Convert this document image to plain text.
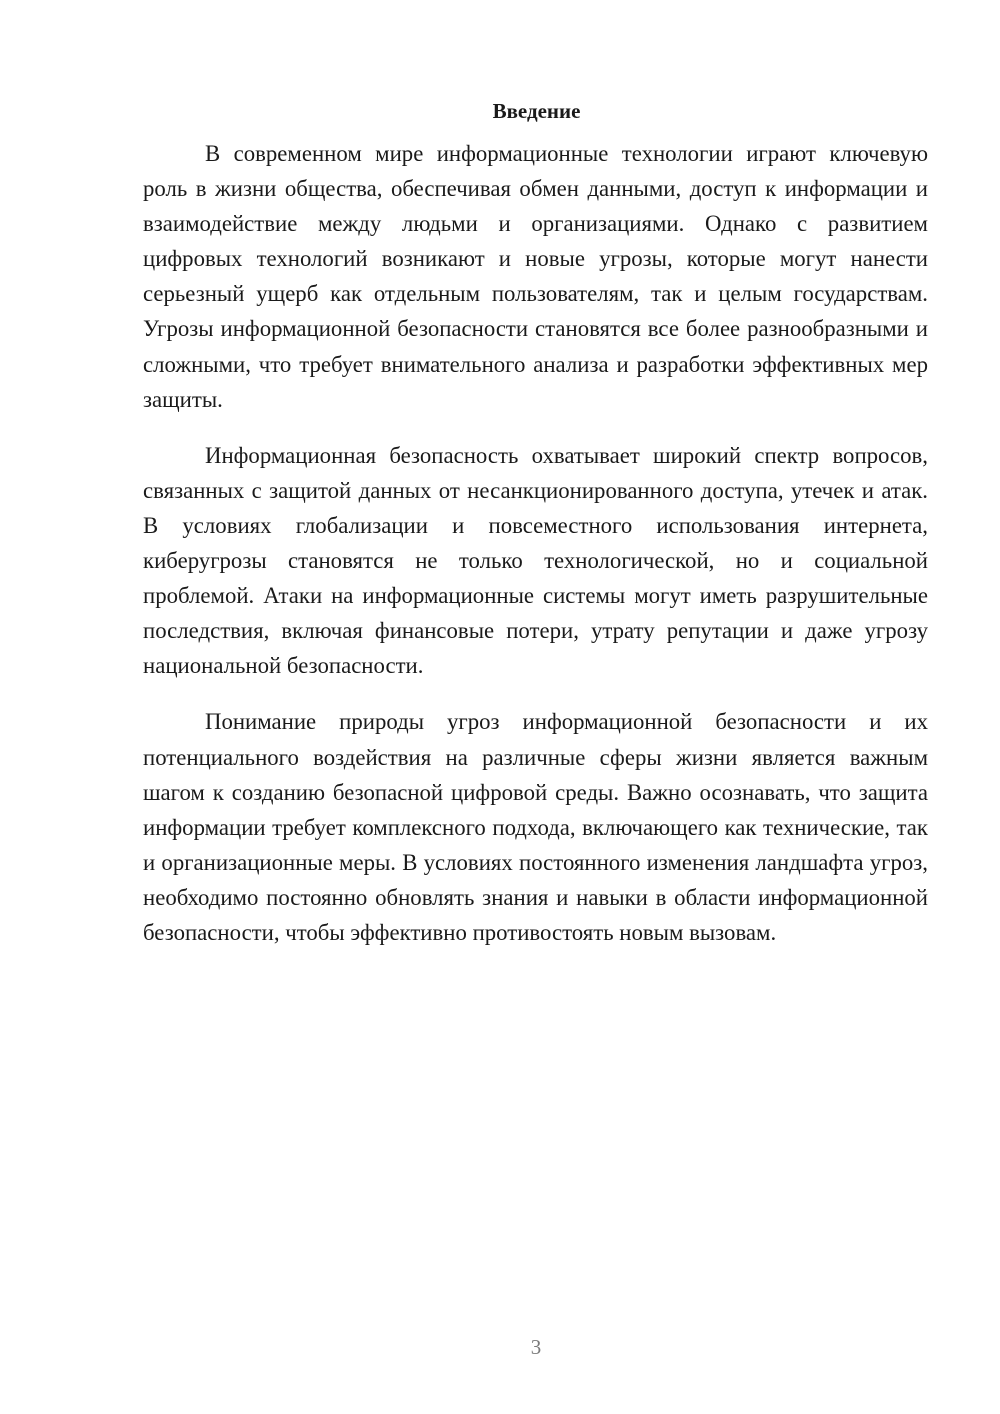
Введение

В современном мире информационные технологии играют ключевую роль в жизни общества, обеспечивая обмен данными, доступ к информации и взаимодействие между людьми и организациями. Однако с развитием цифровых технологий возникают и новые угрозы, которые могут нанести серьезный ущерб как отдельным пользователям, так и целым государствам. Угрозы информационной безопасности становятся все более разнообразными и сложными, что требует внимательного анализа и разработки эффективных мер защиты.

Информационная безопасность охватывает широкий спектр вопросов, связанных с защитой данных от несанкционированного доступа, утечек и атак. В условиях глобализации и повсеместного использования интернета, киберугрозы становятся не только технологической, но и социальной проблемой. Атаки на информационные системы могут иметь разрушительные последствия, включая финансовые потери, утрату репутации и даже угрозу национальной безопасности.

Понимание природы угроз информационной безопасности и их потенциального воздействия на различные сферы жизни является важным шагом к созданию безопасной цифровой среды. Важно осознавать, что защита информации требует комплексного подхода, включающего как технические, так и организационные меры. В условиях постоянного изменения ландшафта угроз, необходимо постоянно обновлять знания и навыки в области информационной безопасности, чтобы эффективно противостоять новым вызовам.

3
